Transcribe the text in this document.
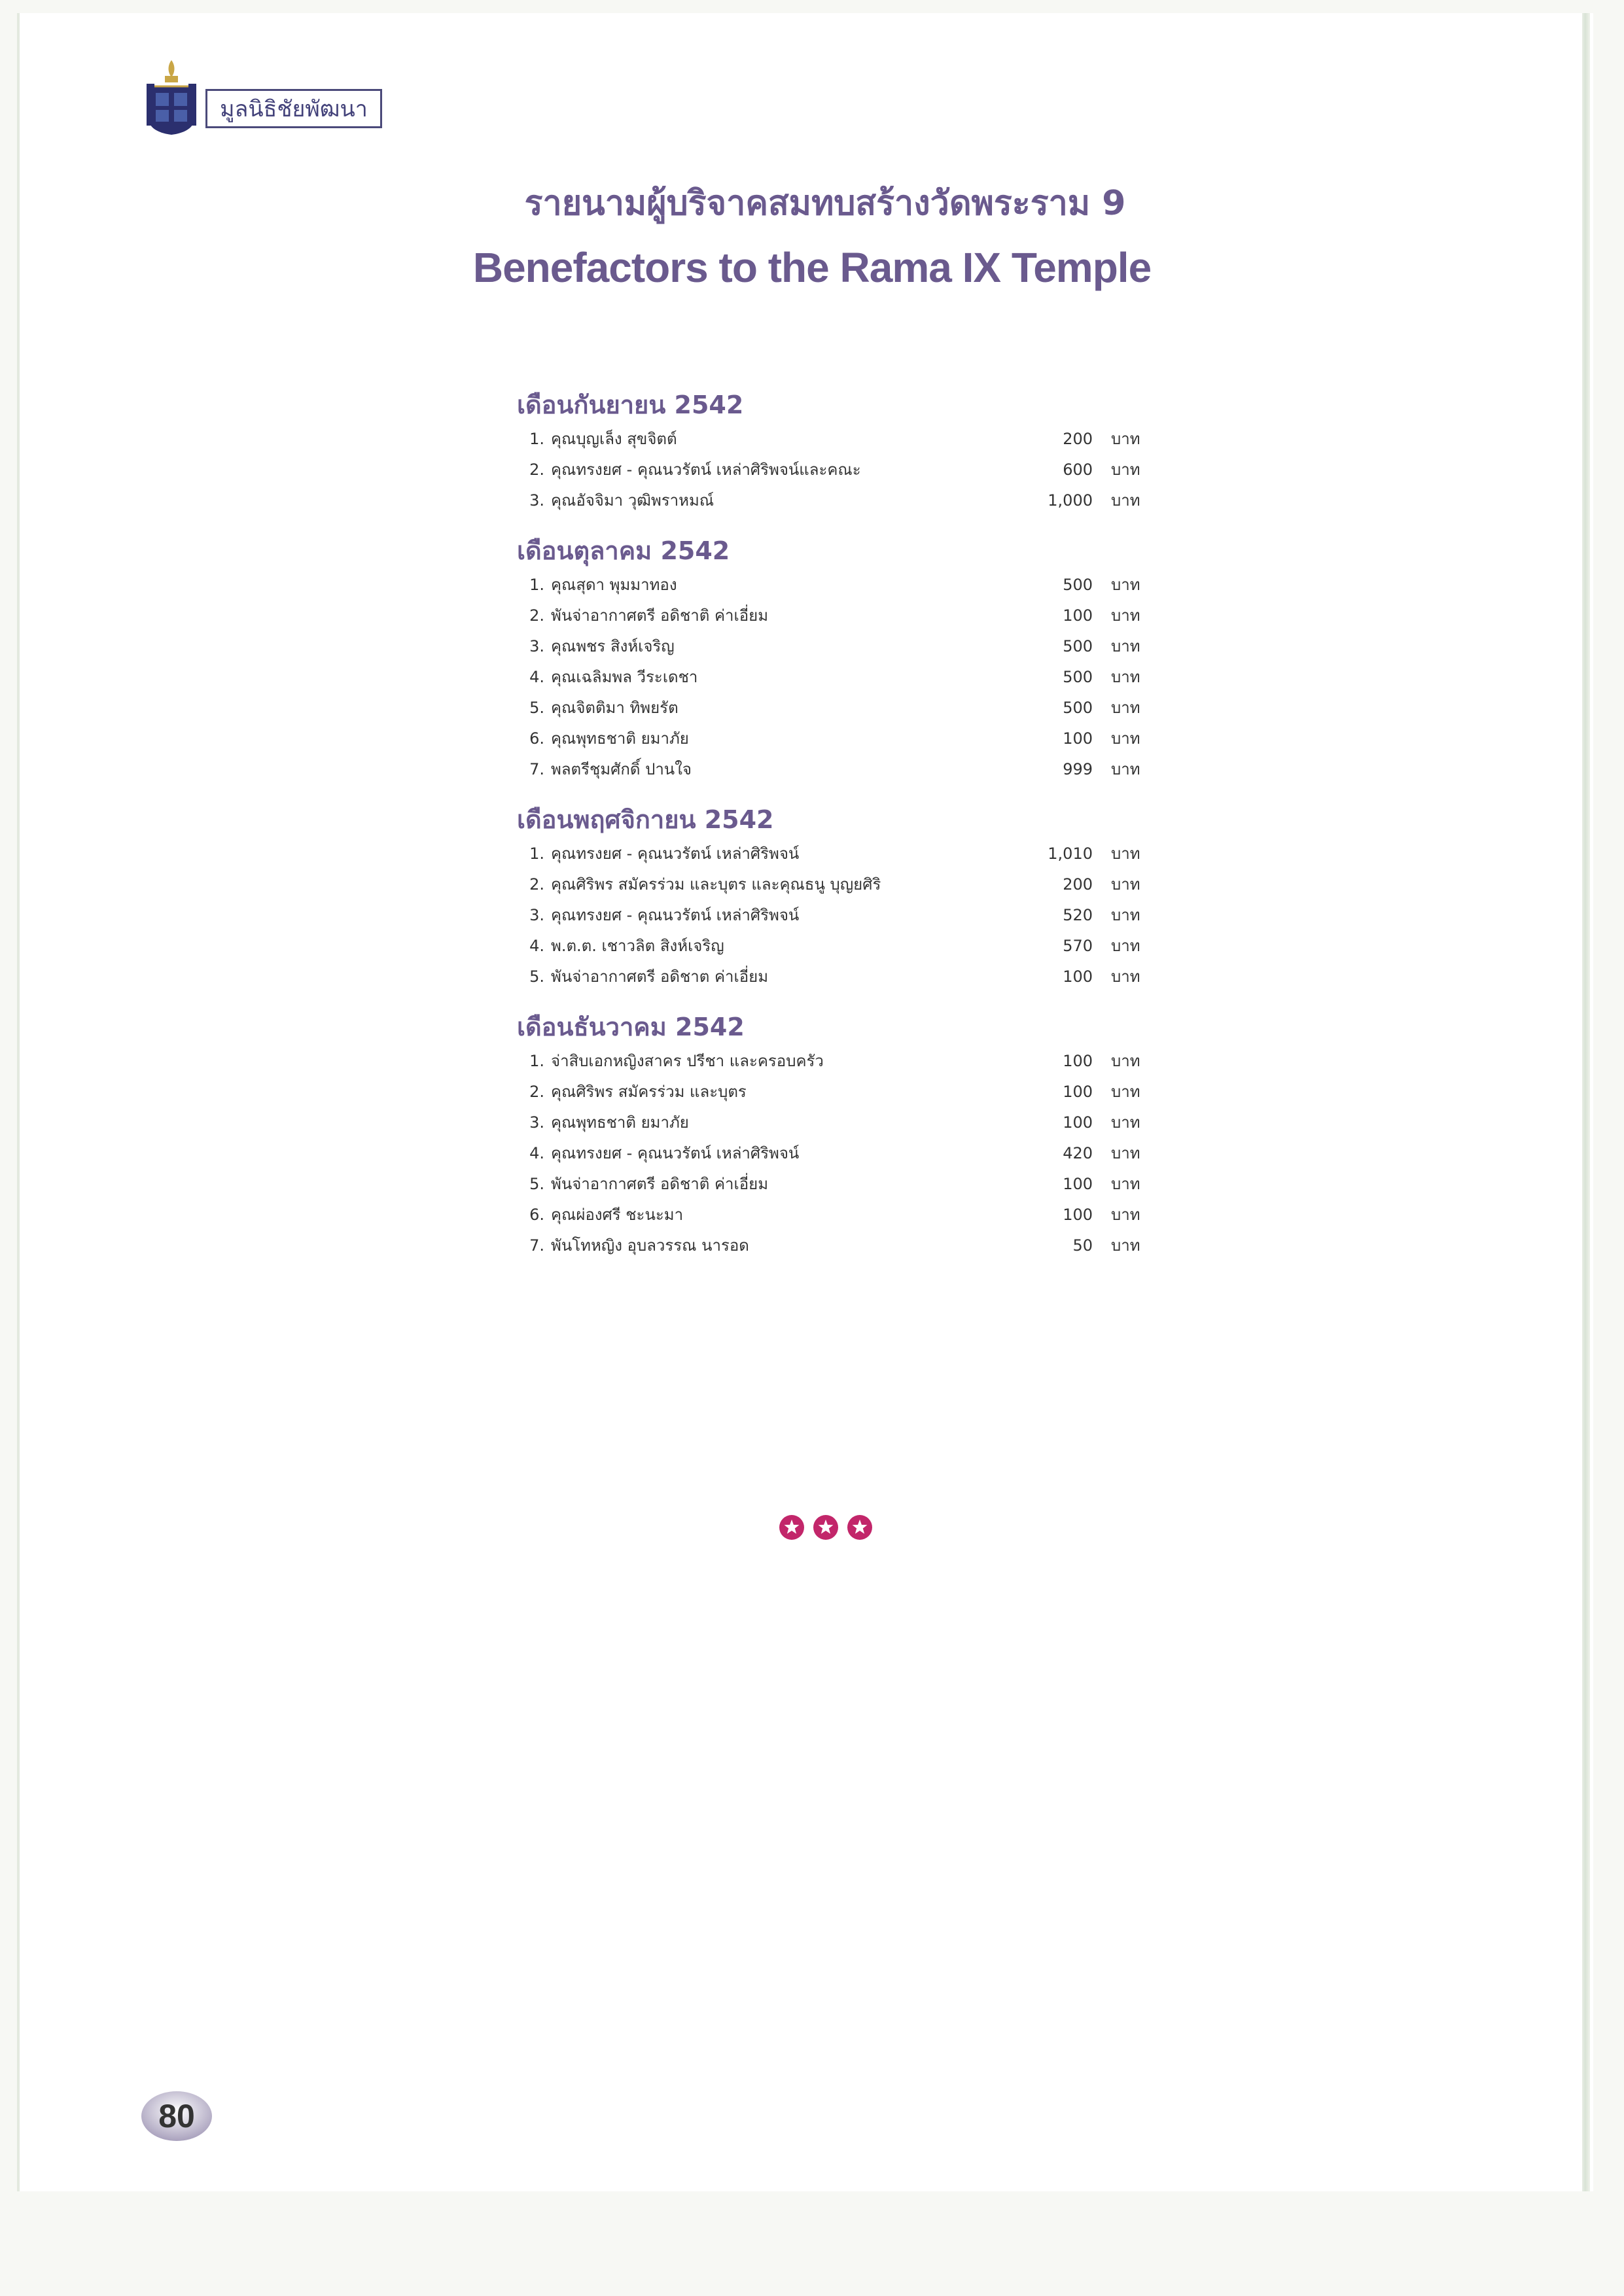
มูลนิธิชัยพัฒนา
รายนามผู้บริจาคสมทบสร้างวัดพระราม 9
Benefactors to the Rama IX Temple
เดือนกันยายน 2542
1. คุณบุญเล็ง สุขจิตต์	200 บาท
2. คุณทรงยศ - คุณนวรัตน์ เหล่าศิริพจน์และคณะ	600 บาท
3. คุณอัจจิมา วุฒิพราหมณ์	1,000 บาท
เดือนตุลาคม 2542
1. คุณสุดา พุมมาทอง	500 บาท
2. พันจ่าอากาศตรี อดิชาติ ค่าเอี่ยม	100 บาท
3. คุณพชร สิงห์เจริญ	500 บาท
4. คุณเฉลิมพล วีระเดชา	500 บาท
5. คุณจิตติมา ทิพยรัต	500 บาท
6. คุณพุทธชาติ ยมาภัย	100 บาท
7. พลตรีชุมศักดิ์ ปานใจ	999 บาท
เดือนพฤศจิกายน 2542
1. คุณทรงยศ - คุณนวรัตน์ เหล่าศิริพจน์	1,010 บาท
2. คุณศิริพร สมัครร่วม และบุตร และคุณธนู บุญยศิริ	200 บาท
3. คุณทรงยศ - คุณนวรัตน์ เหล่าศิริพจน์	520 บาท
4. พ.ต.ต. เชาวลิต สิงห์เจริญ	570 บาท
5. พันจ่าอากาศตรี อดิชาต ค่าเอี่ยม	100 บาท
เดือนธันวาคม 2542
1. จ่าสิบเอกหญิงสาคร ปรีชา และครอบครัว	100 บาท
2. คุณศิริพร สมัครร่วม และบุตร	100 บาท
3. คุณพุทธชาติ ยมาภัย	100 บาท
4. คุณทรงยศ - คุณนวรัตน์ เหล่าศิริพจน์	420 บาท
5. พันจ่าอากาศตรี อดิชาติ ค่าเอี่ยม	100 บาท
6. คุณผ่องศรี ชะนะมา	100 บาท
7. พันโทหญิง อุบลวรรณ นารอด	50 บาท
80
